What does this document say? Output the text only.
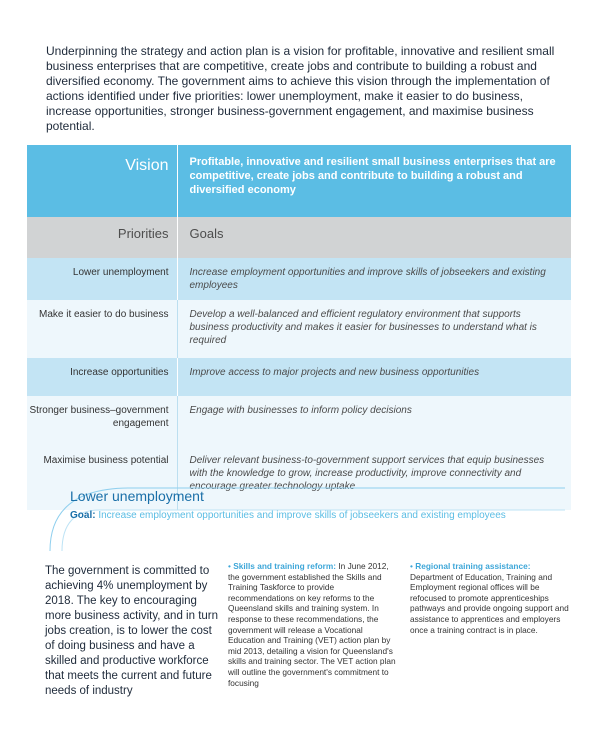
Underpinning the strategy and action plan is a vision for profitable, innovative and resilient small business enterprises that are competitive, create jobs and contribute to building a robust and diversified economy. The government aims to achieve this vision through the implementation of actions identified under five priorities: lower unemployment, make it easier to do business, increase opportunities, stronger business-government engagement, and maximise business potential.
Vision	Profitable, innovative and resilient small business enterprises that are competitive, create jobs and contribute to building a robust and diversified economy
Priorities	Goals
Lower unemployment	Increase employment opportunities and improve skills of jobseekers and existing employees
Make it easier to do business	Develop a well-balanced and efficient regulatory environment that supports business productivity and makes it easier for businesses to understand what is required
Increase opportunities	Improve access to major projects and new business opportunities
Stronger business–government engagement	Engage with businesses to inform policy decisions
Maximise business potential	Deliver relevant business-to-government support services that equip businesses with the knowledge to grow, increase productivity, improve connectivity and encourage greater technology uptake
Lower unemployment
Goal: Increase employment opportunities and improve skills of jobseekers and existing employees
The government is committed to achieving 4% unemployment by 2018. The key to encouraging more business activity, and in turn jobs creation, is to lower the cost of doing business and have a skilled and productive workforce that meets the current and future needs of industry
• Skills and training reform: In June 2012, the government established the Skills and Training Taskforce to provide recommendations on key reforms to the Queensland skills and training system. In response to these recommendations, the government will release a Vocational Education and Training (VET) action plan by mid 2013, detailing a vision for Queensland's skills and training sector. The VET action plan will outline the government's commitment to focusing
• Regional training assistance: Department of Education, Training and Employment regional offices will be refocused to promote apprenticeships pathways and provide ongoing support and assistance to apprentices and employers once a training contract is in place.
